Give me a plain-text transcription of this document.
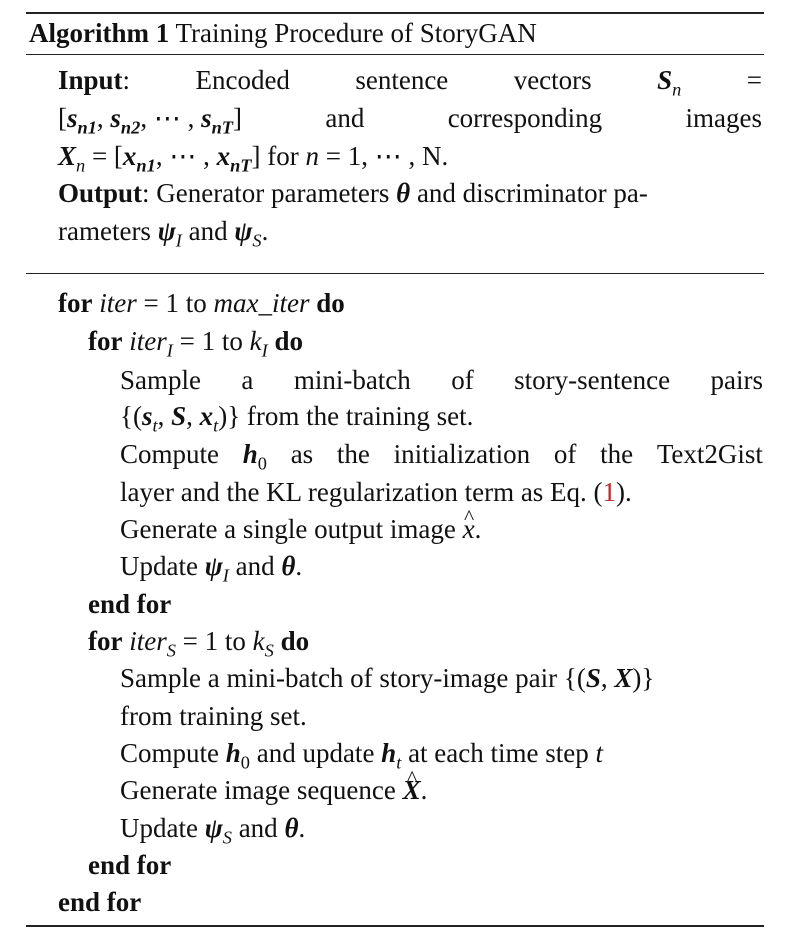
Algorithm 1 Training Procedure of StoryGAN
Input: Encoded sentence vectors $S_n$ =
[$s_{n1}$, $s_{n2}$, ⋯ , $s_{nT}$]	and	corresponding	images
$X_n = [x_{n1}$, ⋯ , $x_{nT}$] for n = 1, ⋯ , N.
Output: Generator parameters θ and discriminator pa-
rameters $\psi_I$ and $\psi_S$.
for iter = 1 to max_iter do
for iter$_I$ = 1 to $k_I$ do
Sample a mini-batch of story-sentence pairs
{($s_t$, S, $x_t$)} from the training set.
Compute $h_0$ as the initialization of the Text2Gist
layer and the KL regularization term as Eq. (1).
Generate a single output image ^ x.
Update $\psi_I$ and θ.
end for
for iter$_S$ = 1 to $k_S$ do
Sample a mini-batch of story-image pair {(S, X)}
from training set.
Compute $h_0$ and update $h_t$ at each time step t
Generate image sequence ^ X.
Update $\psi_S$ and θ.
end for
end for
